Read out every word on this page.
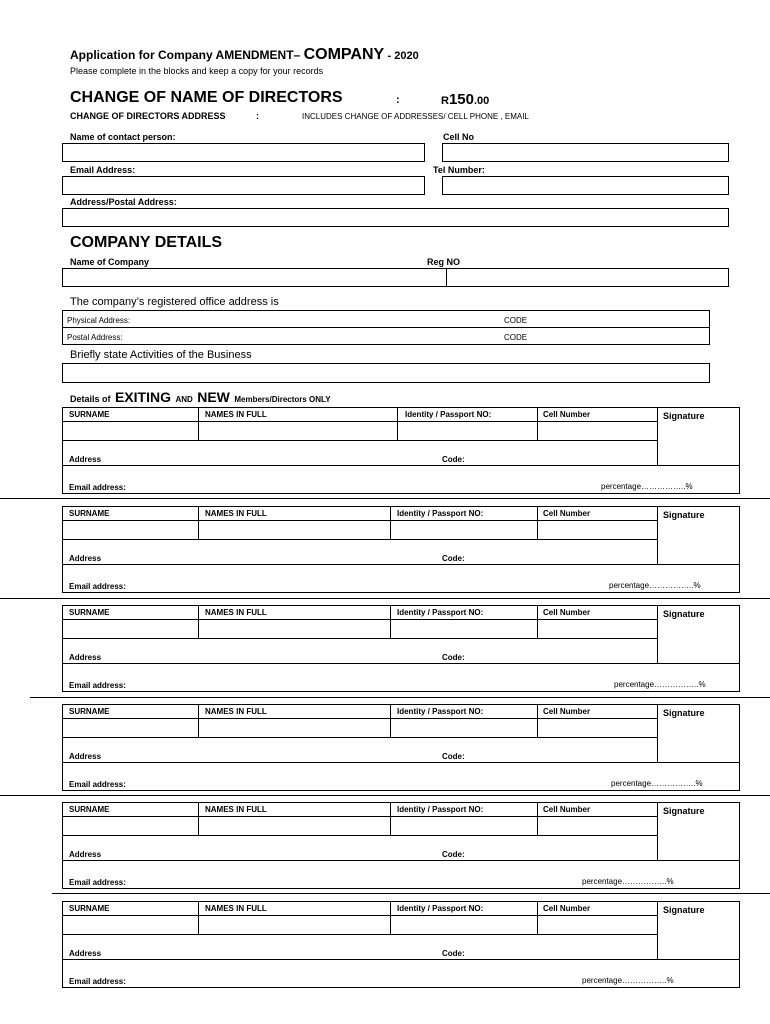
Application for Company AMENDMENT– COMPANY - 2020
Please complete in the blocks and keep a copy for your records
CHANGE OF NAME OF DIRECTORS	:	R150.00
CHANGE OF DIRECTORS ADDRESS	:	INCLUDES CHANGE OF ADDRESSES/ CELL PHONE , EMAIL
Name of contact person:	Cell No
Email Address:	Tel Number:
Address/Postal Address:
COMPANY DETAILS
Name of Company	Reg NO
The company’s registered office address is
Physical Address:	CODE
Postal Address:	CODE
Briefly state Activities of the Business
Details of EXITING AND NEW Members/Directors ONLY
SURNAME	NAMES IN FULL	Identity / Passport NO:	Cell Number	Signature
Address	Code:
Email address:	percentage……………..%
SURNAME	NAMES IN FULL	Identity / Passport NO:	Cell Number	Signature
Address	Code:
Email address:	percentage……………..%
SURNAME	NAMES IN FULL	Identity / Passport NO:	Cell Number	Signature
Address	Code:
Email address:	percentage……………..%
SURNAME	NAMES IN FULL	Identity / Passport NO:	Cell Number	Signature
Address	Code:
Email address:	percentage……………..%
SURNAME	NAMES IN FULL	Identity / Passport NO:	Cell Number	Signature
Address	Code:
Email address:	percentage……………..%
SURNAME	NAMES IN FULL	Identity / Passport NO:	Cell Number	Signature
Address	Code:
Email address:	percentage……………..%
